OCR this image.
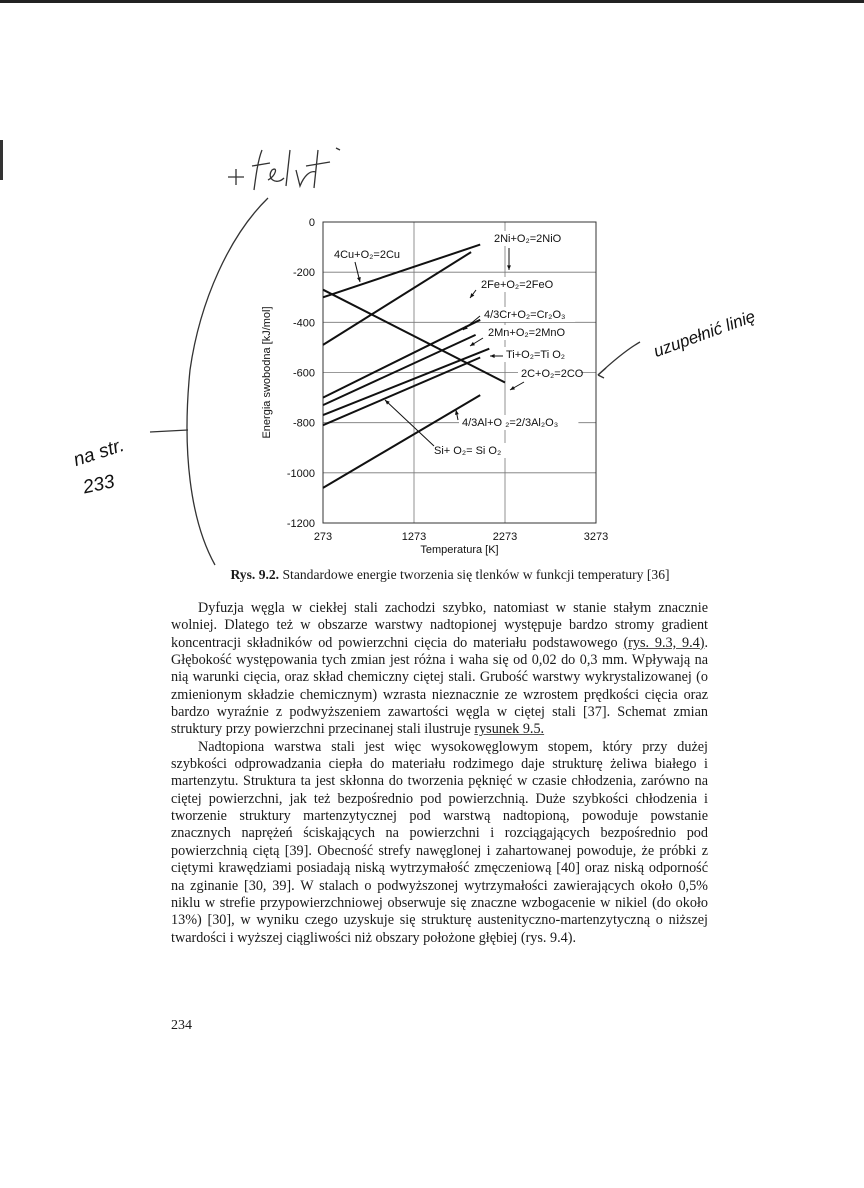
na str.
233
uzupełnić linię
0
-200
-400
-600
-800
-1000
-1200
273	1273	2273	3273
Temperatura [K]
Energia swobodna [kJ/mol]
2Ni+O₂=2NiO
4Cu+O₂=2Cu
2Fe+O₂=2FeO
4/3Cr+O₂=Cr₂O₃
2Mn+O₂=2MnO
Ti+O₂=Ti O₂
2C+O₂=2CO
4/3Al+O ₂=2/3Al₂O₃
Si+ O₂= Si O₂
Rys. 9.2. Standardowe energie tworzenia się tlenków w funkcji temperatury [36]

Dyfuzja węgla w ciekłej stali zachodzi szybko, natomiast w stanie stałym znacznie wolniej. Dlatego też w obszarze warstwy nadtopionej występuje bardzo stromy gradient koncentracji składników od powierzchni cięcia do materiału podstawowego (rys. 9.3, 9.4). Głębokość występowania tych zmian jest różna i waha się od 0,02 do 0,3 mm. Wpływają na nią warunki cięcia, oraz skład chemiczny ciętej stali. Grubość warstwy wykrystalizowanej (o zmienionym składzie chemicznym) wzrasta nieznacznie ze wzrostem prędkości cięcia oraz bardzo wyraźnie z podwyższeniem zawartości węgla w ciętej stali [37]. Schemat zmian struktury przy powierzchni przecinanej stali ilustruje rysunek 9.5.

Nadtopiona warstwa stali jest więc wysokowęglowym stopem, który przy dużej szybkości odprowadzania ciepła do materiału rodzimego daje strukturę żeliwa białego i martenzytu. Struktura ta jest skłonna do tworzenia pęknięć w czasie chłodzenia, zarówno na ciętej powierzchni, jak też bezpośrednio pod powierzchnią. Duże szybkości chłodzenia i tworzenie struktury martenzytycznej pod warstwą nadtopioną, powoduje powstanie znacznych naprężeń ściskających na powierzchni i rozciągających bezpośrednio pod powierzchnią ciętą [39]. Obecność strefy nawęglonej i zahartowanej powoduje, że próbki z ciętymi krawędziami posiadają niską wytrzymałość zmęczeniową [40] oraz niską odporność na zginanie [30, 39]. W stalach o podwyższonej wytrzymałości zawierających około 0,5% niklu w strefie przypowierzchniowej obserwuje się znaczne wzbogacenie w nikiel (do około 13%) [30], w wyniku czego uzyskuje się strukturę austenityczno-martenzytyczną o niższej twardości i wyższej ciągliwości niż obszary położone głębiej (rys. 9.4).

234
